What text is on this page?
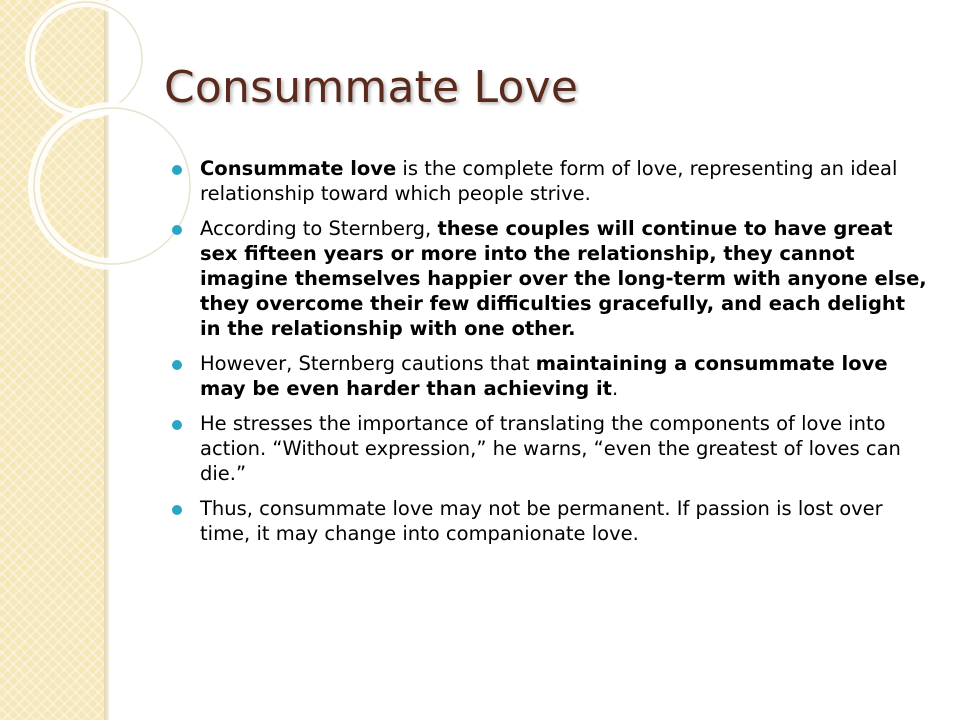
Consummate Love
Consummate love is the complete form of love, representing an ideal relationship toward which people strive.
According to Sternberg, these couples will continue to have great sex fifteen years or more into the relationship, they cannot imagine themselves happier over the long-term with anyone else, they overcome their few difficulties gracefully, and each delight in the relationship with one other.
However, Sternberg cautions that maintaining a consummate love may be even harder than achieving it.
He stresses the importance of translating the components of love into action. “Without expression,” he warns, “even the greatest of loves can die.”
Thus, consummate love may not be permanent. If passion is lost over time, it may change into companionate love.
